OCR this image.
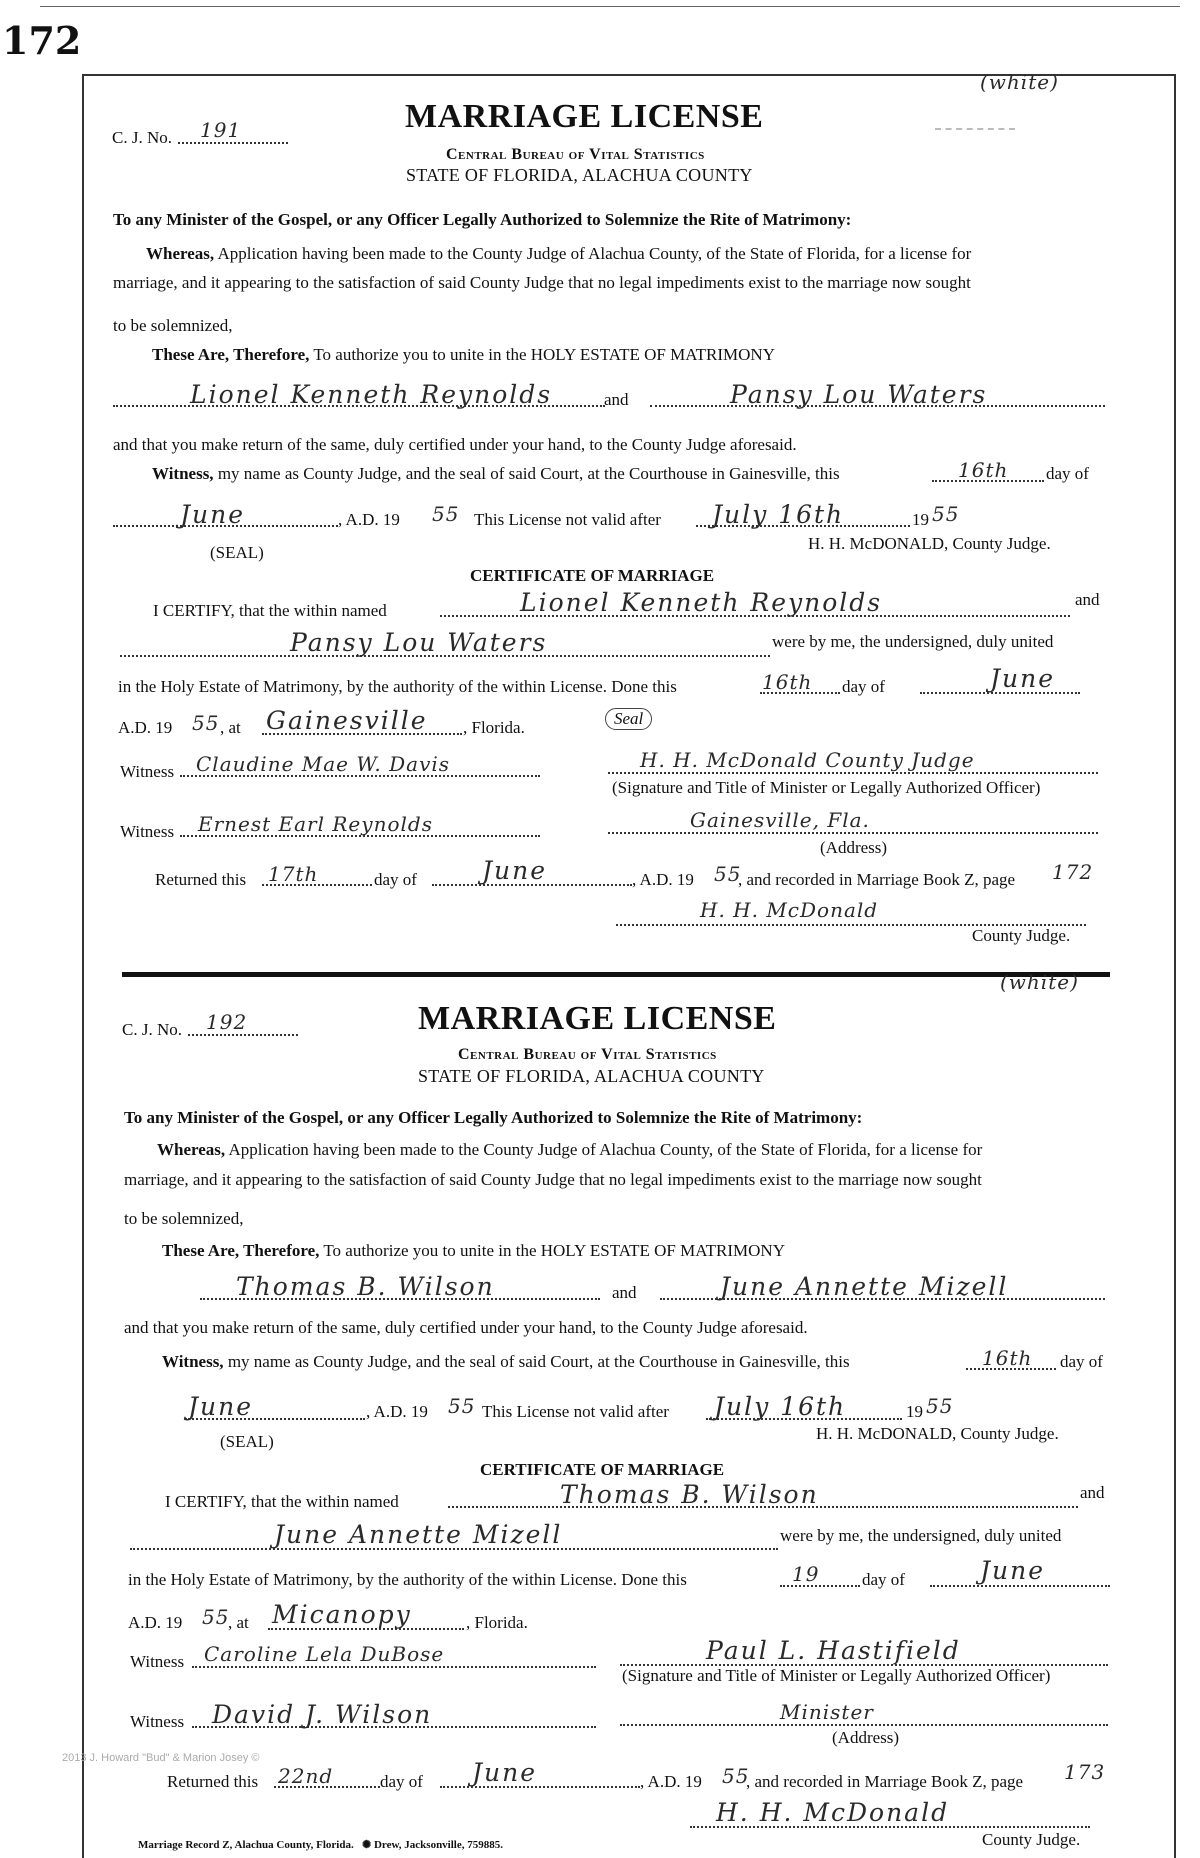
172
(white)
C. J. No. 191	MARRIAGE LICENSE
Central Bureau of Vital Statistics
STATE OF FLORIDA, ALACHUA COUNTY
To any Minister of the Gospel, or any Officer Legally Authorized to Solemnize the Rite of Matrimony:
Whereas, Application having been made to the County Judge of Alachua County, of the State of Florida, for a license for
marriage, and it appearing to the satisfaction of said County Judge that no legal impediments exist to the marriage now sought
to be solemnized,
These Are, Therefore, To authorize you to unite in the HOLY ESTATE OF MATRIMONY
Lionel Kenneth Reynolds	and	Pansy Lou Waters
and that you make return of the same, duly certified under your hand, to the County Judge aforesaid.
Witness, my name as County Judge, and the seal of said Court, at the Courthouse in Gainesville, this	16th day of
June	, A.D. 19 55 This License not valid after July 16th	19 55
(SEAL)	H. H. McDONALD, County Judge.
CERTIFICATE OF MARRIAGE
I CERTIFY, that the within named	Lionel Kenneth Reynolds	and
Pansy Lou Waters	were by me, the undersigned, duly united
in the Holy Estate of Matrimony, by the authority of the within License. Done this	16th day of	June
A.D. 19 55 , at Gainesville , Florida.	Seal
Witness Claudine Mae W. Davis	H. H. McDonald County Judge
(Signature and Title of Minister or Legally Authorized Officer)
Witness Ernest Earl Reynolds	Gainesville, Fla.
(Address)
Returned this 17th	day of	June	, A.D. 19 55
, and recorded in Marriage Book Z, page 172
H. H. McDonald
County Judge.
(white)
C. J. No. 192	MARRIAGE LICENSE
Central Bureau of Vital Statistics
STATE OF FLORIDA, ALACHUA COUNTY
To any Minister of the Gospel, or any Officer Legally Authorized to Solemnize the Rite of Matrimony:
Whereas, Application having been made to the County Judge of Alachua County, of the State of Florida, for a license for
marriage, and it appearing to the satisfaction of said County Judge that no legal impediments exist to the marriage now sought
to be solemnized,
These Are, Therefore, To authorize you to unite in the HOLY ESTATE OF MATRIMONY
Thomas B. Wilson	and	June Annette Mizell
and that you make return of the same, duly certified under your hand, to the County Judge aforesaid.
Witness, my name as County Judge, and the seal of said Court, at the Courthouse in Gainesville, this	16th day of
June	, A.D. 19 55 This License not valid after July 16th	19 55
(SEAL)	H. H. McDONALD, County Judge.
CERTIFICATE OF MARRIAGE
I CERTIFY, that the within named	Thomas B. Wilson	and
June Annette Mizell	were by me, the undersigned, duly united
in the Holy Estate of Matrimony, by the authority of the within License. Done this	19	day of	June
A.D. 19 55
, at Micanopy	, Florida.
Witness Caroline Lela DuBose	Paul L. Hastifield
(Signature and Title of Minister or Legally Authorized Officer)
Witness David J. Wilson	Minister
(Address)
2013 J. Howard "Bud" & Marion Josey ©
Returned this 22nd	day of June	, A.D. 19 55
, and recorded in Marriage Book Z, page 173
H. H. McDonald
County Judge.
Marriage Record Z, Alachua County, Florida. ✺ Drew, Jacksonville, 759885.
